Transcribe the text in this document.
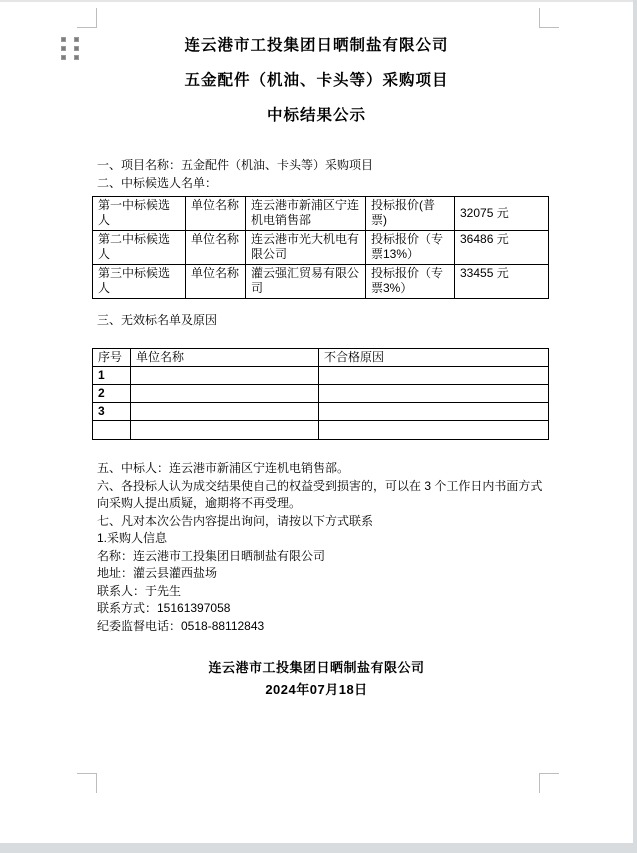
连云港市工投集团日晒制盐有限公司
五金配件（机油、卡头等）采购项目
中标结果公示
一、项目名称：五金配件（机油、卡头等）采购项目
二、中标候选人名单：
第一中标候选人	单位名称	连云港市新浦区宁连机电销售部	投标报价(普票)	32075 元
第二中标候选人	单位名称	连云港市光大机电有限公司	投标报价（专票13%）	36486 元
第三中标候选人	单位名称	灌云强汇贸易有限公司	投标报价（专票3%）	33455 元
三、无效标名单及原因
序号	单位名称	不合格原因
1		
2		
3		

五、中标人：连云港市新浦区宁连机电销售部。
六、各投标人认为成交结果使自己的权益受到损害的，可以在 3 个工作日内书面方式向采购人提出质疑，逾期将不再受理。
七、凡对本次公告内容提出询问，请按以下方式联系
1.采购人信息
名称：连云港市工投集团日晒制盐有限公司
地址：灌云县灌西盐场
联系人：于先生
联系方式：15161397058
纪委监督电话：0518-88112843
连云港市工投集团日晒制盐有限公司
2024年07月18日
